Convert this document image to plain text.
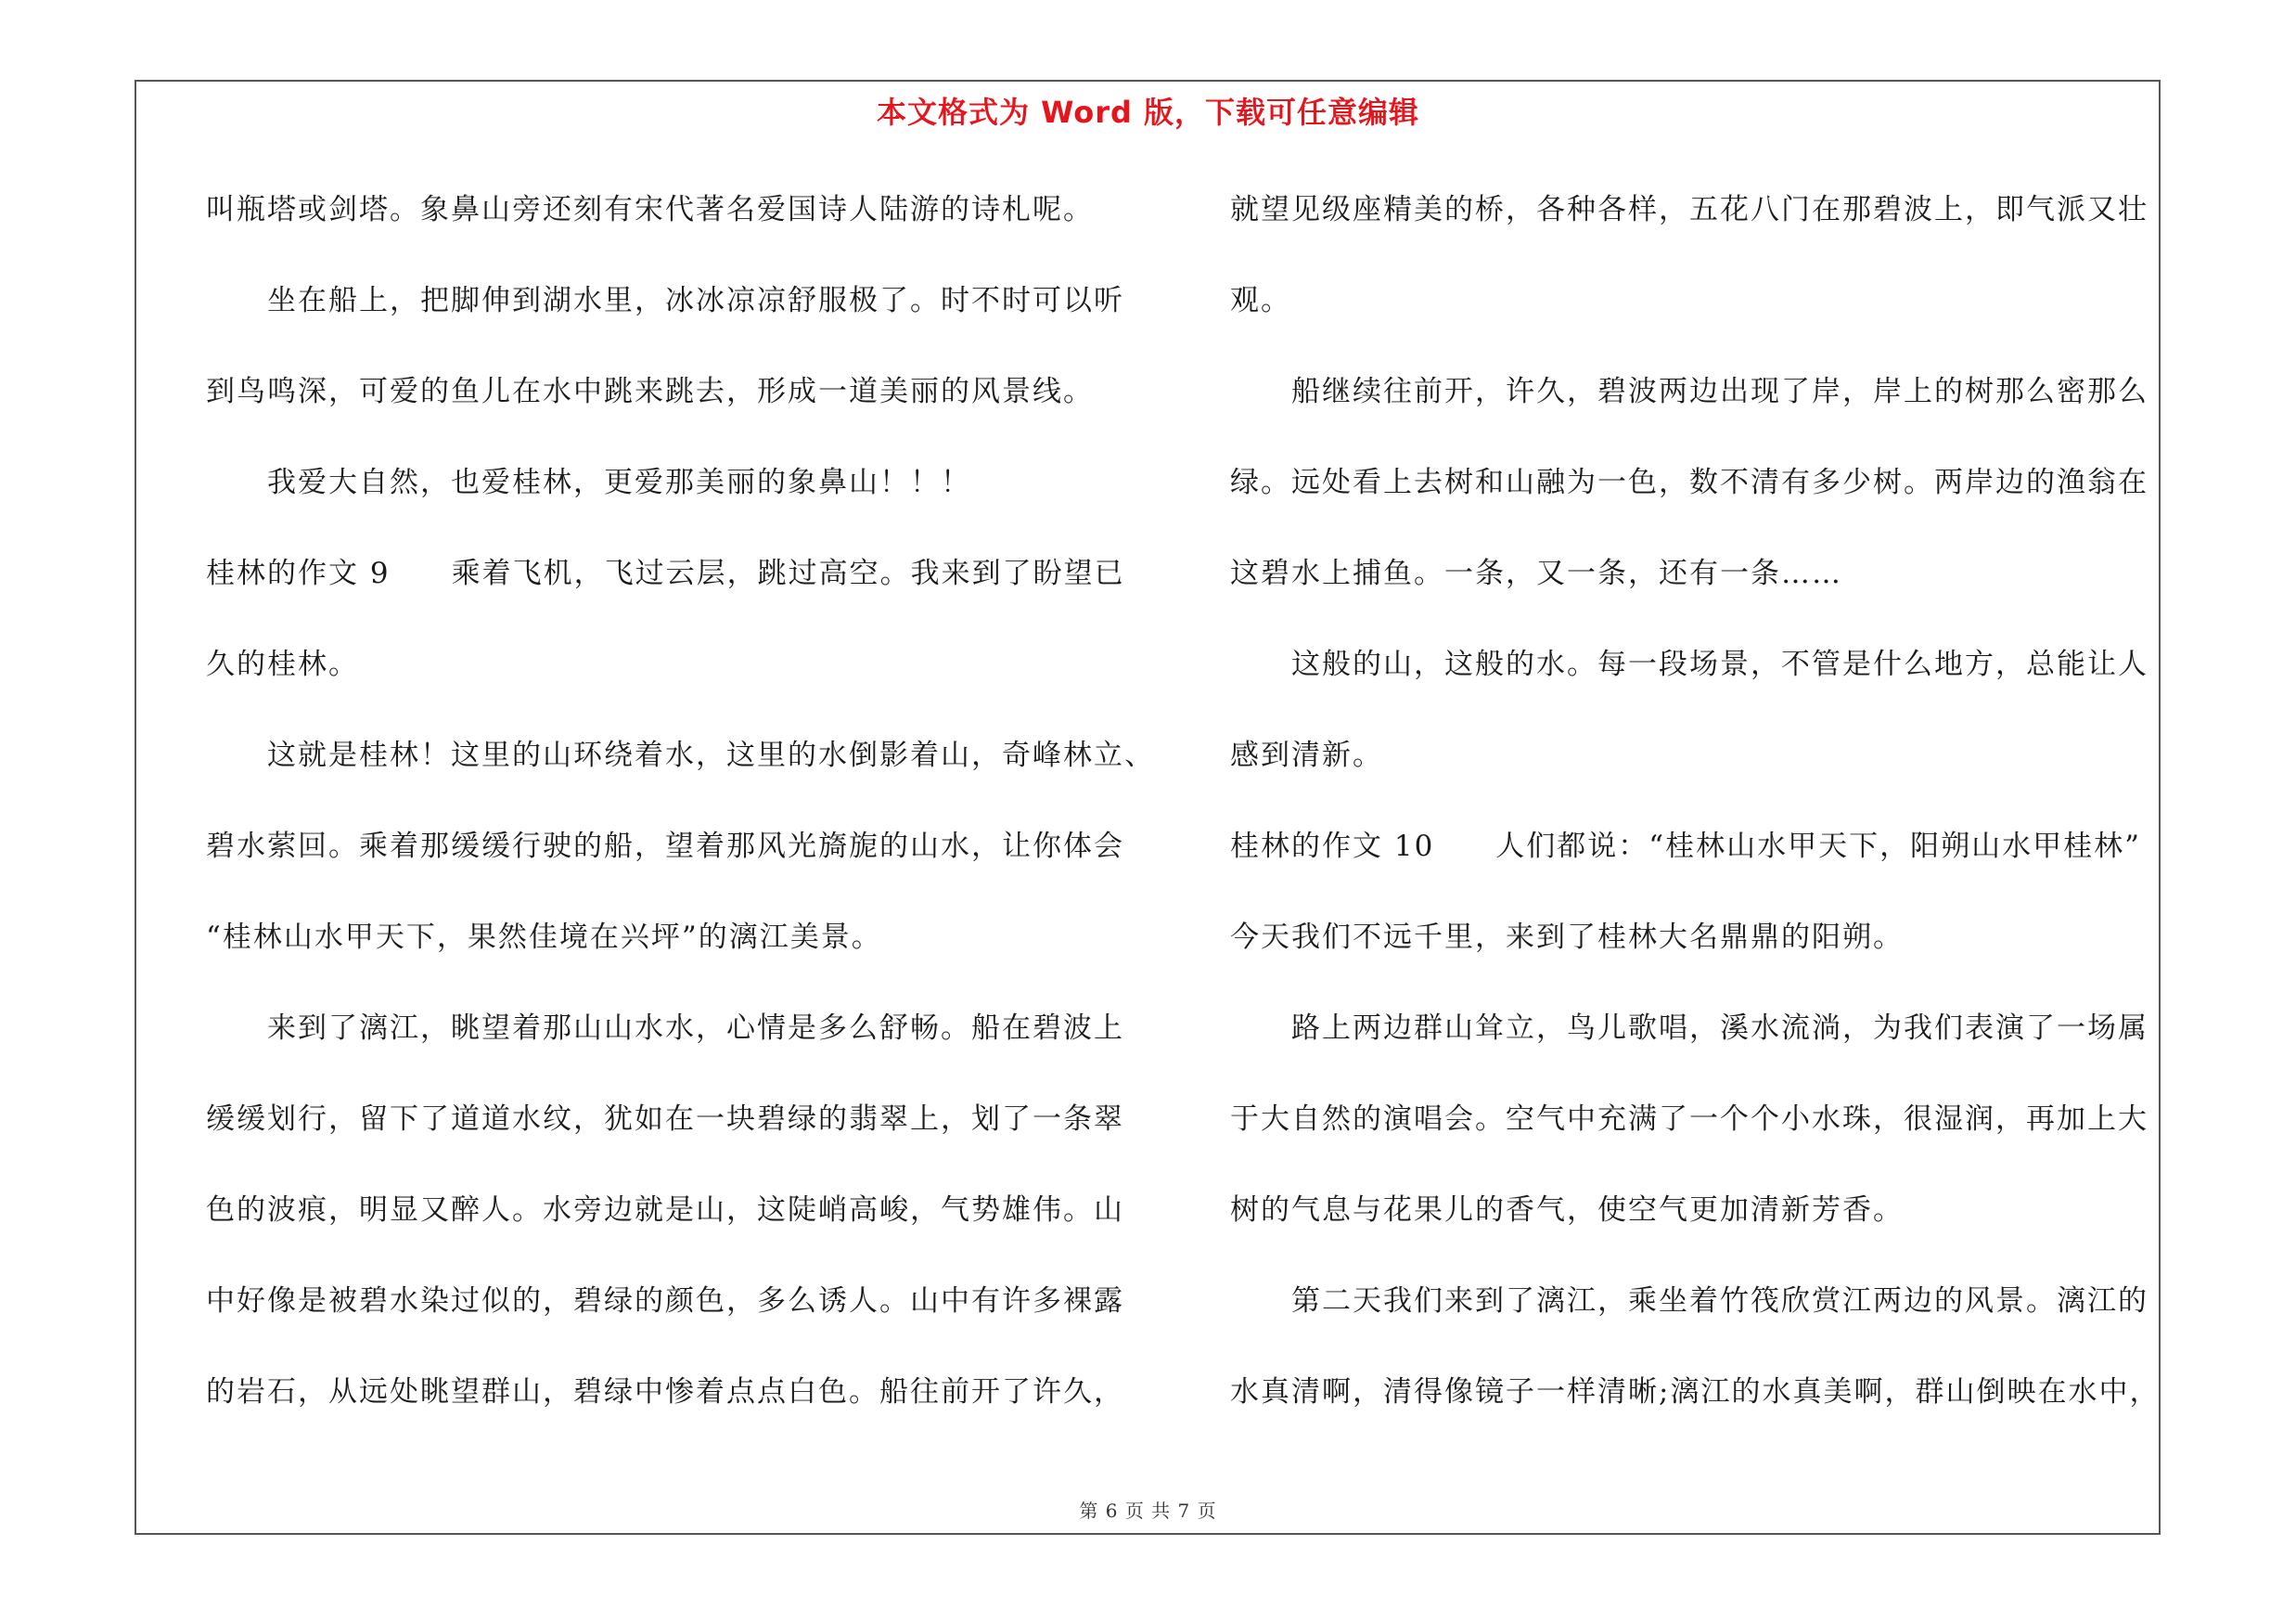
本文格式为 Word 版，下载可任意编辑
叫瓶塔或剑塔。象鼻山旁还刻有宋代著名爱国诗人陆游的诗札呢。
坐在船上，把脚伸到湖水里，冰冰凉凉舒服极了。时不时可以听
到鸟鸣深，可爱的鱼儿在水中跳来跳去，形成一道美丽的风景线。
我爱大自然，也爱桂林，更爱那美丽的象鼻山！！！
桂林的作文 9　　乘着飞机，飞过云层，跳过高空。我来到了盼望已
久的桂林。
这就是桂林！这里的山环绕着水，这里的水倒影着山，奇峰林立、
碧水萦回。乘着那缓缓行驶的船，望着那风光旖旎的山水，让你体会
“桂林山水甲天下，果然佳境在兴坪”的漓江美景。
来到了漓江，眺望着那山山水水，心情是多么舒畅。船在碧波上
缓缓划行，留下了道道水纹，犹如在一块碧绿的翡翠上，划了一条翠
色的波痕，明显又醉人。水旁边就是山，这陡峭高峻，气势雄伟。山
中好像是被碧水染过似的，碧绿的颜色，多么诱人。山中有许多裸露
的岩石，从远处眺望群山，碧绿中惨着点点白色。船往前开了许久，
就望见级座精美的桥，各种各样，五花八门在那碧波上，即气派又壮
观。
船继续往前开，许久，碧波两边出现了岸，岸上的树那么密那么
绿。远处看上去树和山融为一色，数不清有多少树。两岸边的渔翁在
这碧水上捕鱼。一条，又一条，还有一条……
这般的山，这般的水。每一段场景，不管是什么地方，总能让人
感到清新。
桂林的作文 10　　人们都说：“桂林山水甲天下，阳朔山水甲桂林”
今天我们不远千里，来到了桂林大名鼎鼎的阳朔。
路上两边群山耸立，鸟儿歌唱，溪水流淌，为我们表演了一场属
于大自然的演唱会。空气中充满了一个个小水珠，很湿润，再加上大
树的气息与花果儿的香气，使空气更加清新芳香。
第二天我们来到了漓江，乘坐着竹筏欣赏江两边的风景。漓江的
水真清啊，清得像镜子一样清晰;漓江的水真美啊，群山倒映在水中，
第 6 页 共 7 页
